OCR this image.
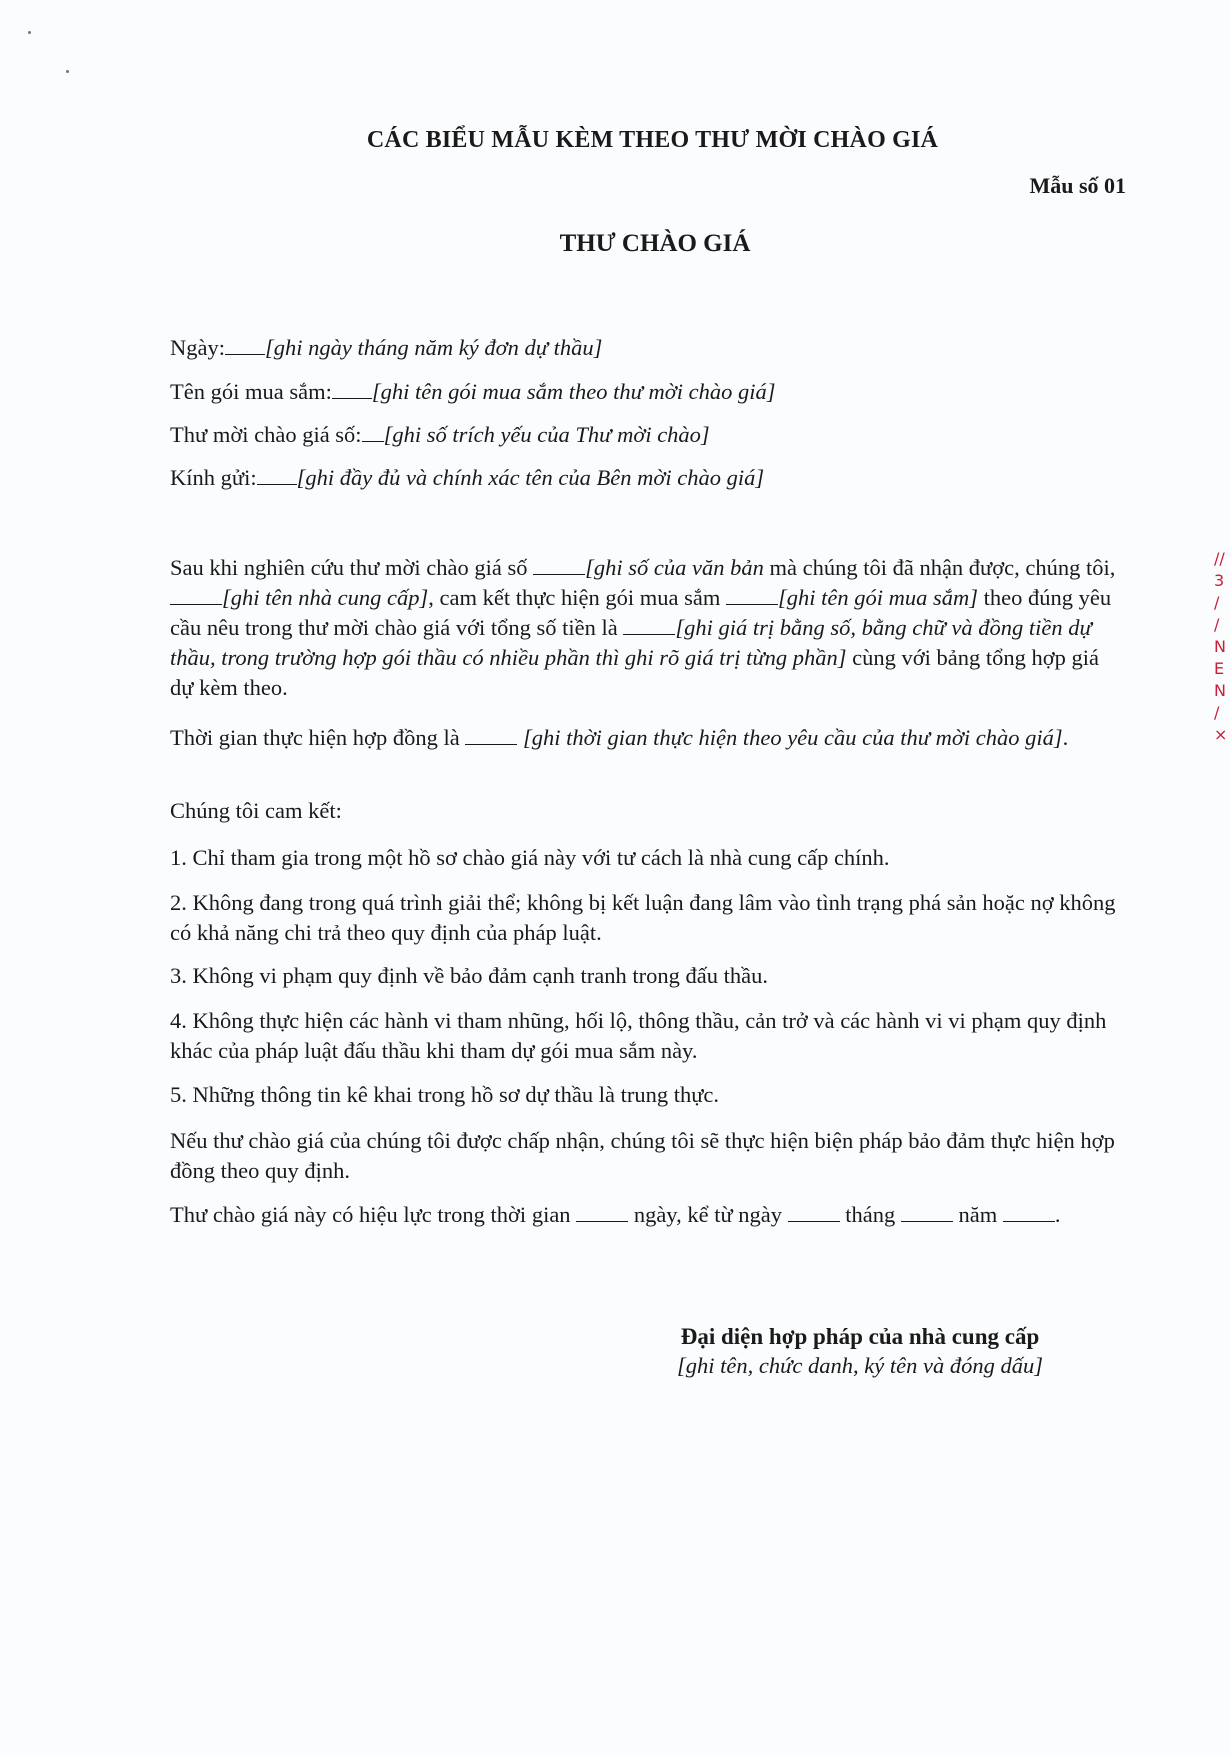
CÁC BIỂU MẪU KÈM THEO THƯ MỜI CHÀO GIÁ
Mẫu số 01
THƯ CHÀO GIÁ
Ngày: [ghi ngày tháng năm ký đơn dự thầu]
Tên gói mua sắm: [ghi tên gói mua sắm theo thư mời chào giá]
Thư mời chào giá số: [ghi số trích yếu của Thư mời chào]
Kính gửi: [ghi đầy đủ và chính xác tên của Bên mời chào giá]
Sau khi nghiên cứu thư mời chào giá số [ghi số của văn bản mà chúng tôi đã nhận được, chúng tôi,[ghi tên nhà cung cấp], cam kết thực hiện gói mua sắm [ghi tên gói mua sắm] theo đúng yêu cầu nêu trong thư mời chào giá với tổng số tiền là [ghi giá trị bằng số, bằng chữ và đồng tiền dự thầu, trong trường hợp gói thầu có nhiều phần thì ghi rõ giá trị từng phần] cùng với bảng tổng hợp giá dự kèm theo.
Thời gian thực hiện hợp đồng là  [ghi thời gian thực hiện theo yêu cầu của thư mời chào giá].
Chúng tôi cam kết:
1. Chỉ tham gia trong một hồ sơ chào giá này với tư cách là nhà cung cấp chính.
2. Không đang trong quá trình giải thể; không bị kết luận đang lâm vào tình trạng phá sản hoặc nợ không có khả năng chi trả theo quy định của pháp luật.
3. Không vi phạm quy định về bảo đảm cạnh tranh trong đấu thầu.
4. Không thực hiện các hành vi tham nhũng, hối lộ, thông thầu, cản trở và các hành vi vi phạm quy định khác của pháp luật đấu thầu khi tham dự gói mua sắm này.
5. Những thông tin kê khai trong hồ sơ dự thầu là trung thực.
Nếu thư chào giá của chúng tôi được chấp nhận, chúng tôi sẽ thực hiện biện pháp bảo đảm thực hiện hợp đồng theo quy định.
Thư chào giá này có hiệu lực trong thời gian  ngày, kể từ ngày  tháng  năm .
Đại diện hợp pháp của nhà cung cấp
[ghi tên, chức danh, ký tên và đóng dấu]
//
3
/
/
N
E
N
/
×
